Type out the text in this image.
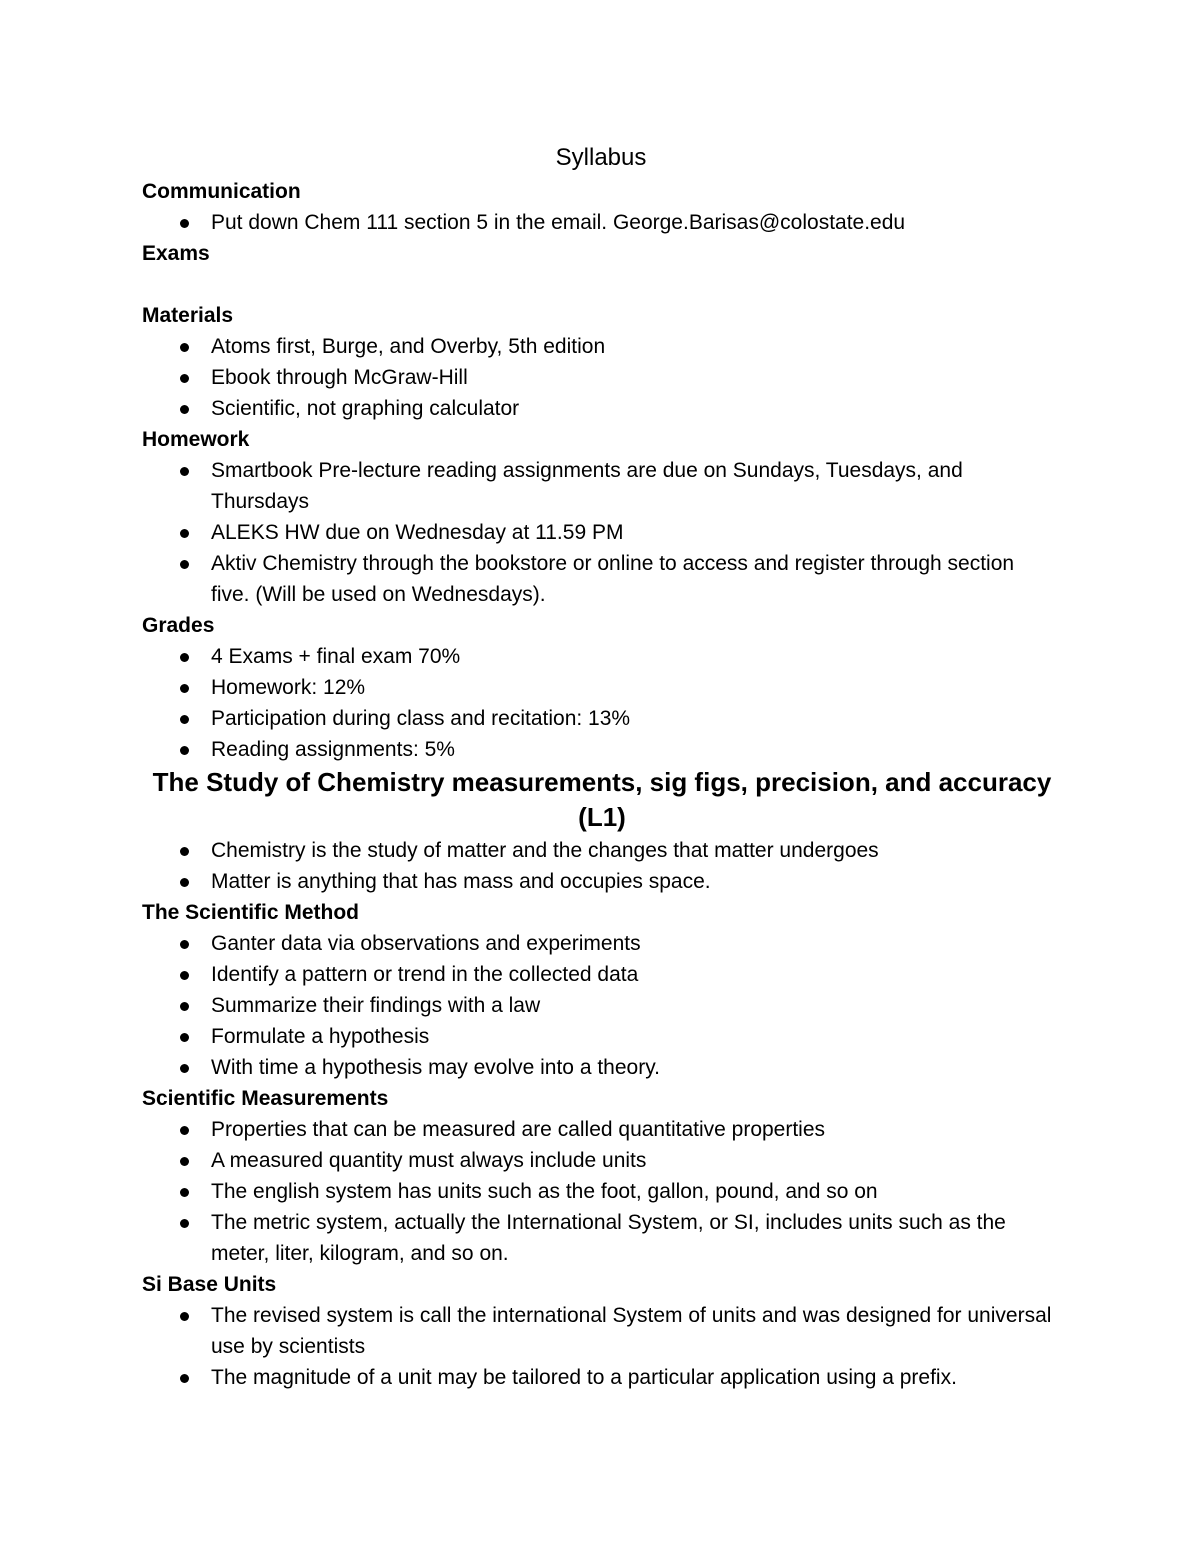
Syllabus
Communication
Put down Chem 111 section 5 in the email. George.Barisas@colostate.edu
Exams
Materials
Atoms first, Burge, and Overby, 5th edition
Ebook through McGraw-Hill
Scientific, not graphing calculator
Homework
Smartbook Pre-lecture reading assignments are due on Sundays, Tuesdays, and Thursdays
ALEKS HW due on Wednesday at 11.59 PM
Aktiv Chemistry through the bookstore or online to access and register through section five. (Will be used on Wednesdays).
Grades
4 Exams + final exam 70%
Homework: 12%
Participation during class and recitation: 13%
Reading assignments: 5%
The Study of Chemistry measurements, sig figs, precision, and accuracy (L1)
Chemistry is the study of matter and the changes that matter undergoes
Matter is anything that has mass and occupies space.
The Scientific Method
Ganter data via observations and experiments
Identify a pattern or trend in the collected data
Summarize their findings with a law
Formulate a hypothesis
With time a hypothesis may evolve into a theory.
Scientific Measurements
Properties that can be measured are called quantitative properties
A measured quantity must always include units
The english system has units such as the foot, gallon, pound, and so on
The metric system, actually the International System, or SI, includes units such as the meter, liter, kilogram, and so on.
Si Base Units
The revised system is call the international System of units and was designed for universal use by scientists
The magnitude of a unit may be tailored to a particular application using a prefix.
